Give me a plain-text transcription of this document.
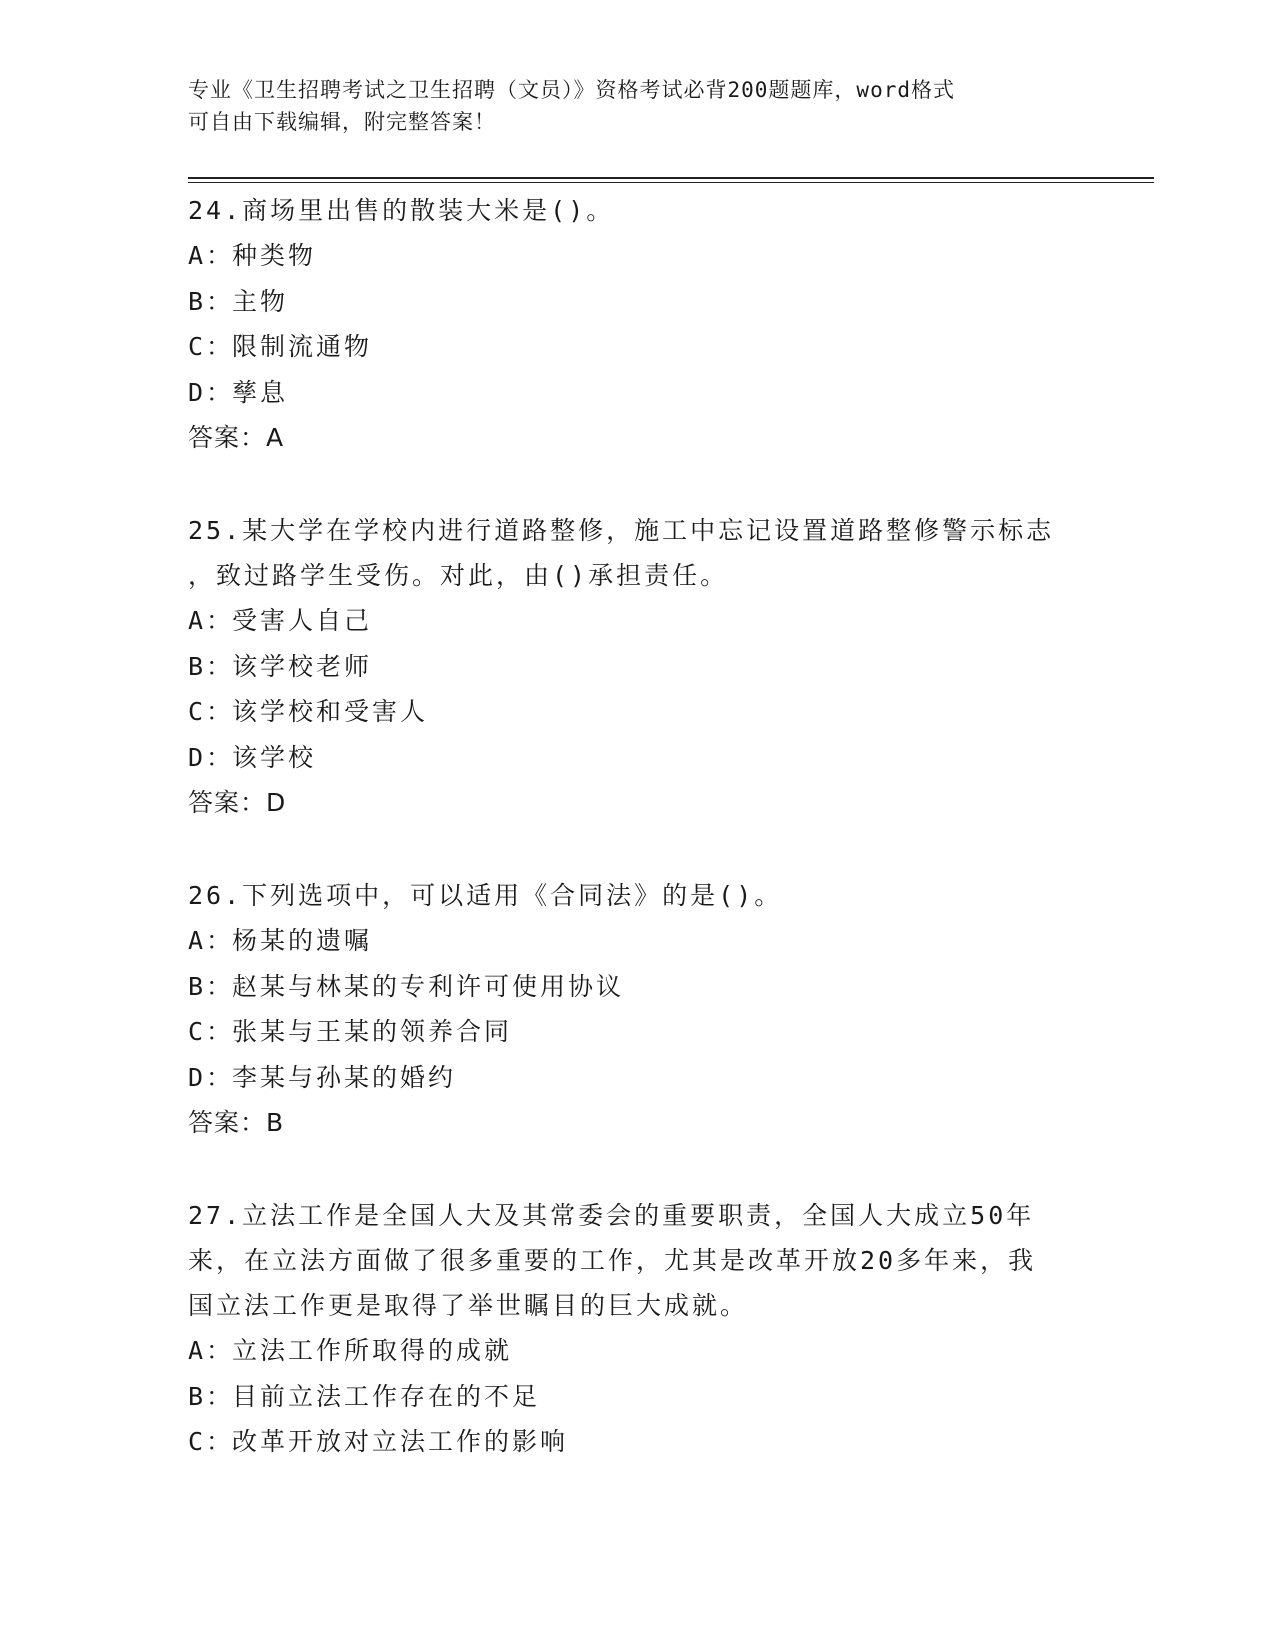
专业《卫生招聘考试之卫生招聘（文员）》资格考试必背200题题库，word格式
可自由下载编辑，附完整答案！

24.商场里出售的散装大米是()。

A：
种类物
B：
主物
C：
限制流通物
D：
孳息

答案：A

25.某大学在学校内进行道路整修，施工中忘记设置道路整修警示标志

，致过路学生受伤。对此，由()承担责任。

A：
受害人自己
B：
该学校老师
C：
该学校和受害人
D：
该学校

答案：D

26.下列选项中，可以适用《合同法》的是()。

A：
杨某的遗嘱
B：
赵某与林某的专利许可使用协议
C：
张某与王某的领养合同
D：
李某与孙某的婚约

答案：B

27.立法工作是全国人大及其常委会的重要职责，全国人大成立50年

来，在立法方面做了很多重要的工作，尤其是改革开放20多年来，我

国立法工作更是取得了举世瞩目的巨大成就。

A：
立法工作所取得的成就
B：
目前立法工作存在的不足
C：
改革开放对立法工作的影响
